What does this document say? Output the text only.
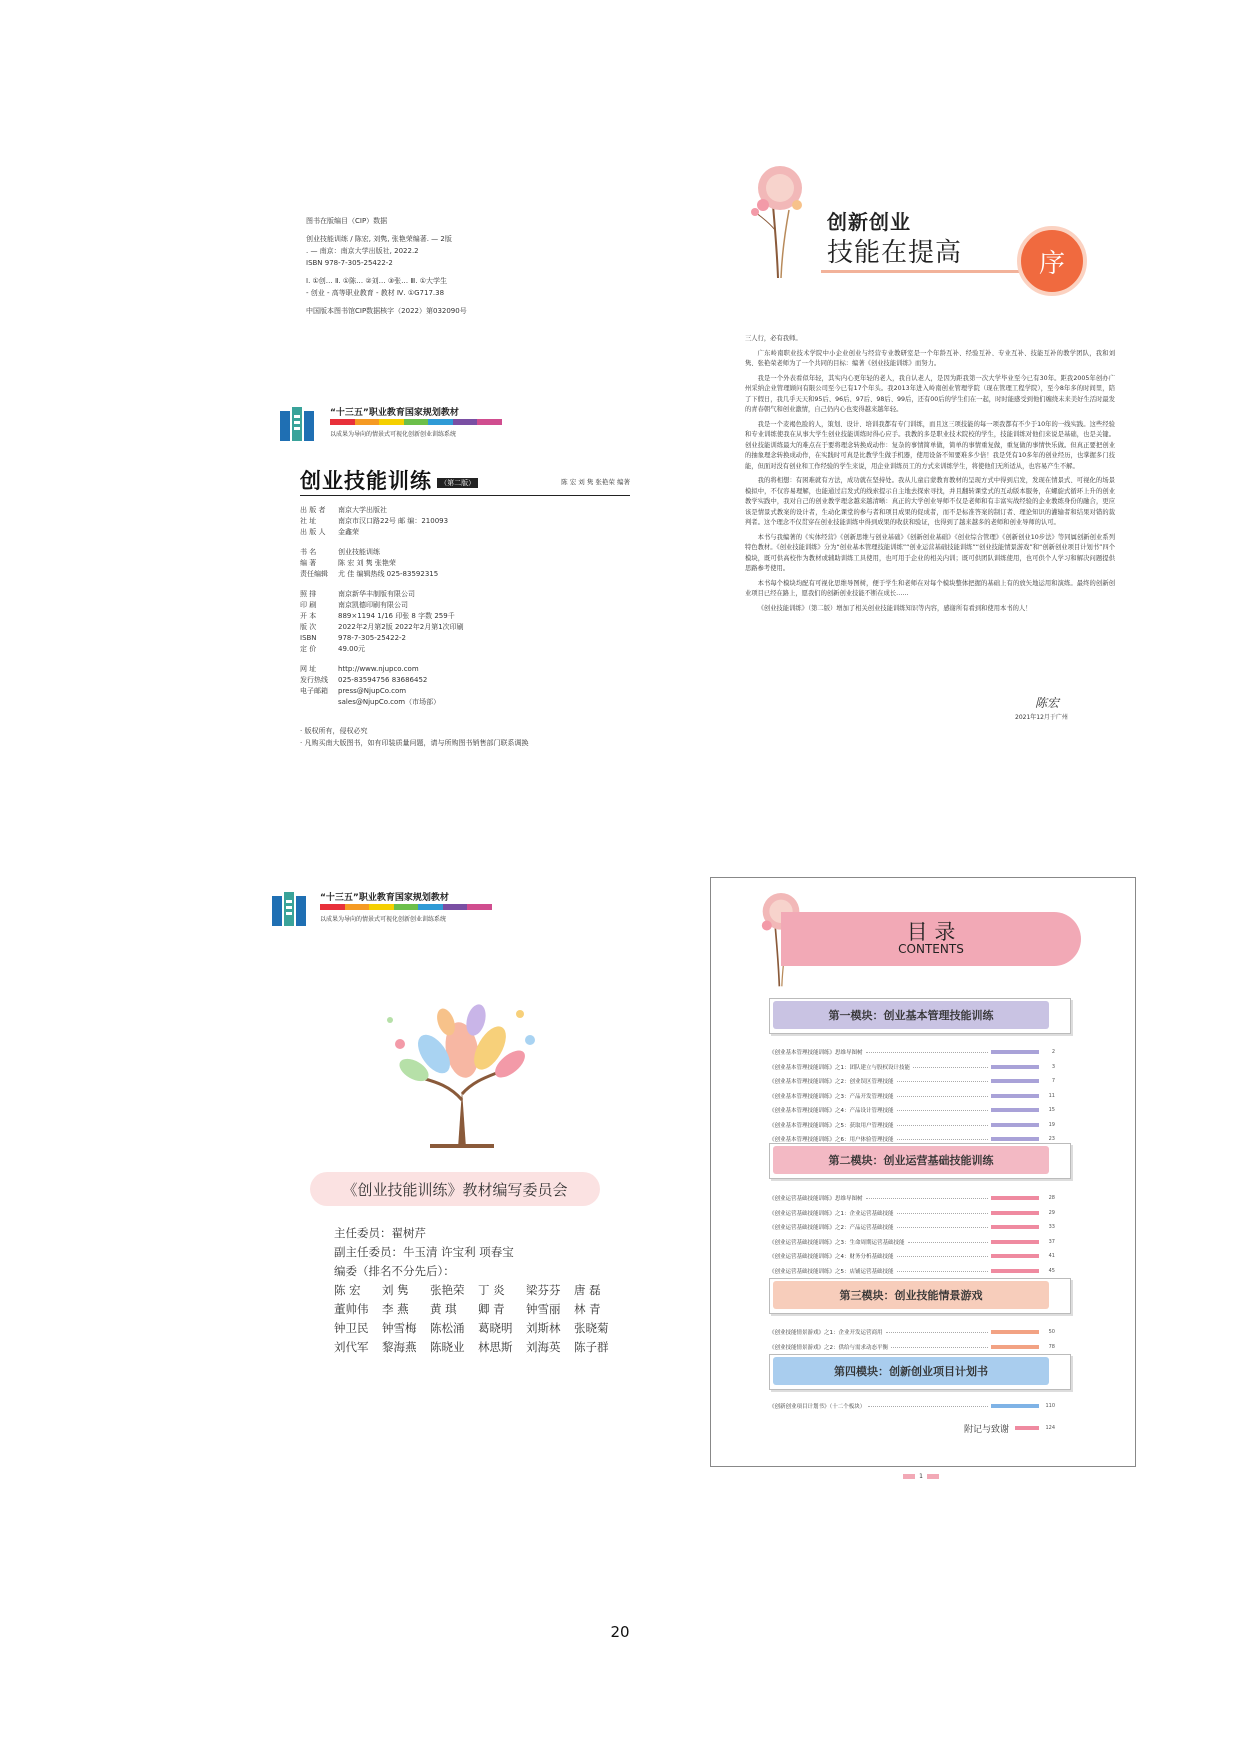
图书在版编目（CIP）数据
创业技能训练 / 陈宏, 刘隽, 张艳荣编著. — 2版
. — 南京：南京大学出版社, 2022.2
ISBN 978-7-305-25422-2
Ⅰ. ①创… Ⅱ. ①陈… ②刘… ③张… Ⅲ. ①大学生
- 创业 - 高等职业教育 - 教材 Ⅳ. ①G717.38
中国版本图书馆CIP数据核字（2022）第032090号
“十三五”职业教育国家规划教材
以成果为导向的情景式可视化创新创业训练系统
创业技能训练 （第二版）	陈 宏 刘 隽 张艳荣 编著
出 版 者	南京大学出版社
社 址	南京市汉口路22号 邮 编：210093
出 版 人	金鑫荣
书 名	创业技能训练
编 著	陈 宏 刘 隽 张艳荣
责任编辑	尤 佳 编辑热线 025-83592315
照 排	南京新华丰制版有限公司
印 刷	南京凯德印刷有限公司
开 本	889×1194 1/16 印张 8 字数 259千
版 次	2022年2月第2版 2022年2月第1次印刷
ISBN	978-7-305-25422-2
定 价	49.00元
网 址	http://www.njupco.com
发行热线	025-83594756 83686452
电子邮箱	press@NjupCo.com
sales@NjupCo.com（市场部）
· 版权所有，侵权必究
· 凡购买南大版图书，如有印装质量问题，请与所购图书销售部门联系调换
创新创业
技能在提高	序

三人行，必有我师。

广东岭南职业技术学院中小企业创业与经营专业教研室是一个年龄互补、经验互补、专业互补、技能互补的教学团队，我和刘隽、张艳荣老师为了一个共同的目标：编著《创业技能训练》而努力。

我是一个外表看似年轻，其实内心更年轻的老人，我自认老人，是因为距我第一次大学毕业至今已有30年。距我2005年创办广州采纳企业管理顾问有限公司至今已有17个年头。我2013年进入岭南创业管理学院（现在管理工程学院），至今8年多的时间里，陪了下假日，我几乎天天和95后、96后、97后、98后、99后，还有00后的学生们在一起，时时能感受到他们缠绕未来美好生活时最发的青春朝气和创业激情，自己仍内心也变得越来越年轻。

我是一个麦褐色脸的人，策划、设计、培训我都有专门训练，而且这三项技能的每一项我都有不少于10年的一线实践。这些经验和专业训练使我在从事大学生创业技能训练时得心应手。我教的多是职业技术院校的学生，技能训练对他们来说是基础，也是关键。创业技能训练最大的难点在于要将理念转换成动作：复杂的事情简单做，简单的事情重复做，重复做的事情快乐做。但真正要把创业的抽象理念转换成动作，在实践时可真是比教学生做手机器，使用设备不知要难多少倍！我是凭有10多年的创业经历，也掌握多门技能，但面对没有创业和工作经验的学生来说，用企业训练员工的方式来训练学生，将使他们无所适从，也容易产生不解。

我的将相想：有困难就有方法，成功就在坚持处。我从儿童启蒙教育教材的呈现方式中得到启发，发现在情景式、可视化的场景模拟中，不仅容易理解，也能通过启发式的线索提示自主地去探索寻找，并且翻转课堂式的互动版本服务，在螺旋式循环上升的创业教学实践中，我对自己的创业教学理念越来越清晰：真正的大学创业导师不仅是老师和有丰富实战经验的企业教练身份的融合，更应该是情景式教案的设计者，生动化课堂的参与者和项目成果的促成者，而不是标准答案的制订者、理论知识的灌输者和结果对错的裁判者。这个理念不仅贯穿在创业技能训练中得到成果的收获和验证，也得到了越来越多的老师和创业导师的认可。

本书与我编著的《实体经营》《创新思维与创业基础》《创新创业基础》《创业综合管理》《创新创业10步法》等同属创新创业系列特色教材。《创业技能训练》分为“创业基本管理技能训练”“创业运营基础技能训练”“创业技能情景游戏”和“创新创业项目计划书”四个模块，既可供高校作为教材或辅助训练工具使用，也可用于企业的相关内训；既可供团队训练使用，也可供个人学习和解决问题提供思路参考使用。

本书每个模块均配有可视化思维导图树，便于学生和老师在对每个模块整体把握的基础上有的放矢地运用和演练。最终的创新创业项目已经在路上，愿我们的创新创业技能不断在成长……

《创业技能训练》（第二版）增加了相关创业技能训练知识等内容，感谢所有看到和使用本书的人！

陈宏
2021年12月于广州
“十三五”职业教育国家规划教材
以成果为导向的情景式可视化创新创业训练系统
《创业技能训练》教材编写委员会
主任委员：翟树芹
副主任委员：牛玉清 许宝利 项春宝
编委（排名不分先后）：
陈 宏	刘 隽	张艳荣	丁 炎	梁芬芬	唐 磊
董帅伟	李 燕	黄 琪	卿 青	钟雪丽	林 青
钟卫民	钟雪梅	陈松涌	葛晓明	刘斯林	张晓菊
刘代军	黎海燕	陈晓业	林思斯	刘海英	陈子群
目 录
CONTENTS
第一模块：创业基本管理技能训练
第二模块：创业运营基础技能训练
第三模块：创业技能情景游戏
第四模块：创新创业项目计划书
附记与致谢	124
1
《创业基本管理技能训练》思维导图树	2
《创业基本管理技能训练》之1：团队建立与股权设计技能	3
《创业基本管理技能训练》之2：创业误区管理技能	7
《创业基本管理技能训练》之3：产品开发管理技能	11
《创业基本管理技能训练》之4：产品设计管理技能	15
《创业基本管理技能训练》之5：获取用户管理技能	19
《创业基本管理技能训练》之6：用户体验管理技能	23
《创业运营基础技能训练》思维导图树	28
《创业运营基础技能训练》之1：企业运营基础技能	29
《创业运营基础技能训练》之2：产品运营基础技能	33
《创业运营基础技能训练》之3：生命周期运营基础技能	37
《创业运营基础技能训练》之4：财务分析基础技能	41
《创业运营基础技能训练》之5：店铺运营基础技能	45
《创业技能情景游戏》之1：企业开发运营商用	50
《创业技能情景游戏》之2：供给与需求动态平衡	78
《创新创业项目计划书》（十二个板块）	110
20
